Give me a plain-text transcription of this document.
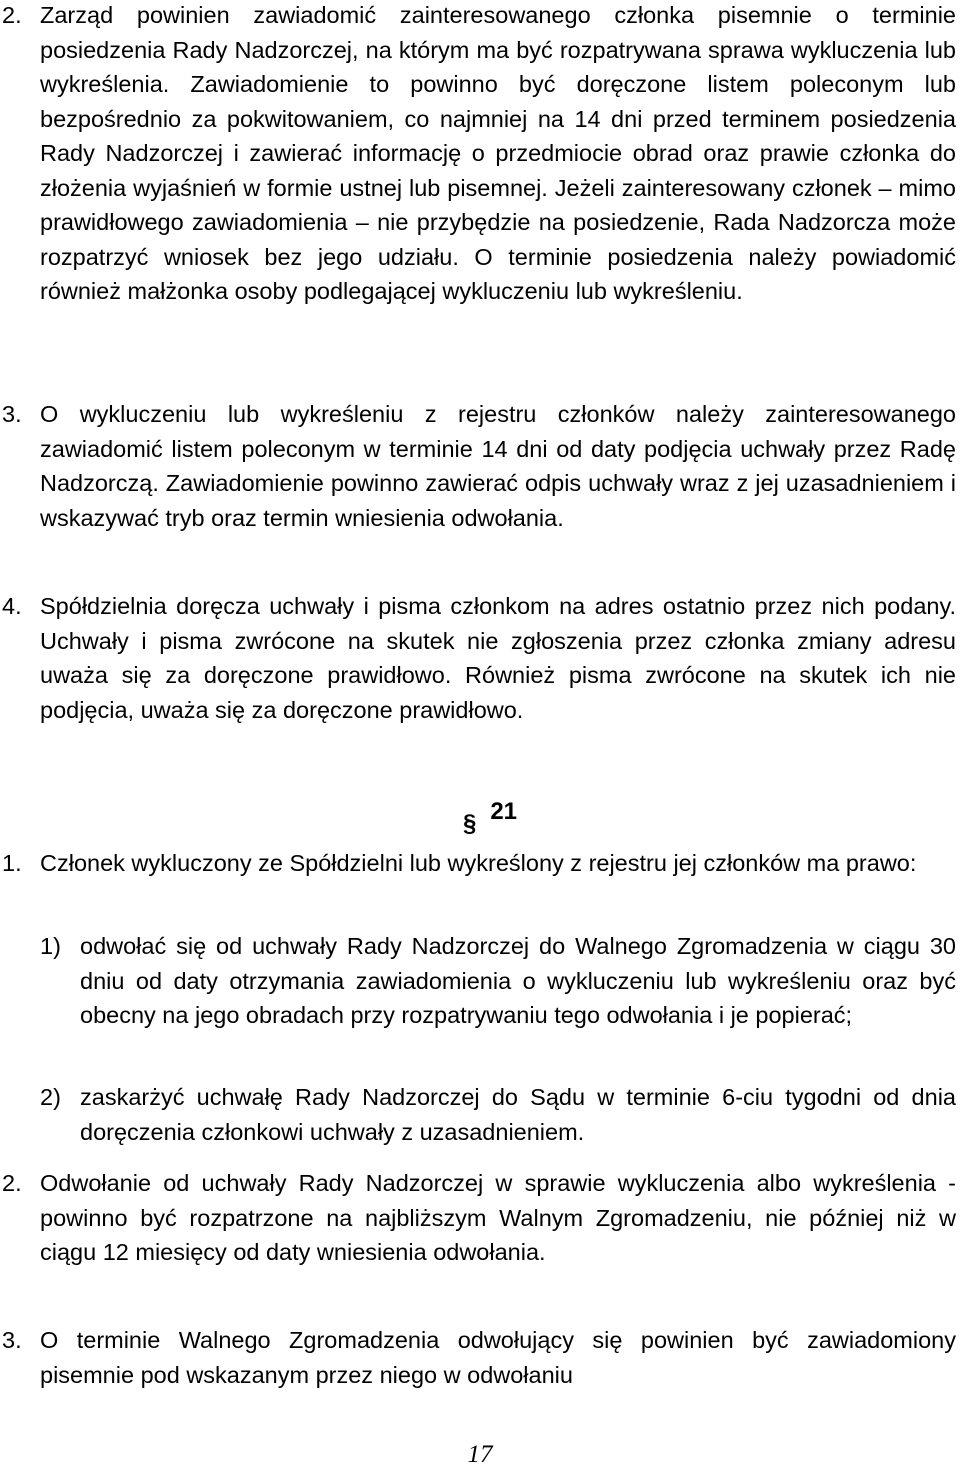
2. Zarząd powinien zawiadomić zainteresowanego członka pisemnie o terminie posiedzenia Rady Nadzorczej, na którym ma być rozpatrywana sprawa wykluczenia lub wykreślenia. Zawiadomienie to powinno być doręczone listem poleconym lub bezpośrednio za pokwitowaniem, co najmniej na 14 dni przed terminem posiedzenia Rady Nadzorczej i zawierać informację o przedmiocie obrad oraz prawie członka do złożenia wyjaśnień w formie ustnej lub pisemnej. Jeżeli zainteresowany członek – mimo prawidłowego zawiadomienia – nie przybędzie na posiedzenie, Rada Nadzorcza może rozpatrzyć wniosek bez jego udziału. O terminie posiedzenia należy powiadomić również małżonka osoby podlegającej wykluczeniu lub wykreśleniu.
3. O wykluczeniu lub wykreśleniu z rejestru członków należy zainteresowanego zawiadomić listem poleconym w terminie 14 dni od daty podjęcia uchwały przez Radę Nadzorczą. Zawiadomienie powinno zawierać odpis uchwały wraz z jej uzasadnieniem i wskazywać tryb oraz termin wniesienia odwołania.
4. Spółdzielnia doręcza uchwały i pisma członkom na adres ostatnio przez nich podany. Uchwały i pisma zwrócone na skutek nie zgłoszenia przez członka zmiany adresu uważa się za doręczone prawidłowo. Również pisma zwrócone na skutek ich nie podjęcia, uważa się za doręczone prawidłowo.
§ 21
1. Członek wykluczony ze Spółdzielni lub wykreślony z rejestru jej członków ma prawo:
1) odwołać się od uchwały Rady Nadzorczej do Walnego Zgromadzenia w ciągu 30 dniu od daty otrzymania zawiadomienia o wykluczeniu lub wykreśleniu oraz być obecny na jego obradach przy rozpatrywaniu tego odwołania i je popierać;
2) zaskarżyć uchwałę Rady Nadzorczej do Sądu w terminie 6-ciu tygodni od dnia doręczenia członkowi uchwały z uzasadnieniem.
2. Odwołanie od uchwały Rady Nadzorczej w sprawie wykluczenia albo wykreślenia - powinno być rozpatrzone na najbliższym Walnym Zgromadzeniu, nie później niż w ciągu 12 miesięcy od daty wniesienia odwołania.
3. O terminie Walnego Zgromadzenia odwołujący się powinien być zawiadomiony pisemnie pod wskazanym przez niego w odwołaniu
17
